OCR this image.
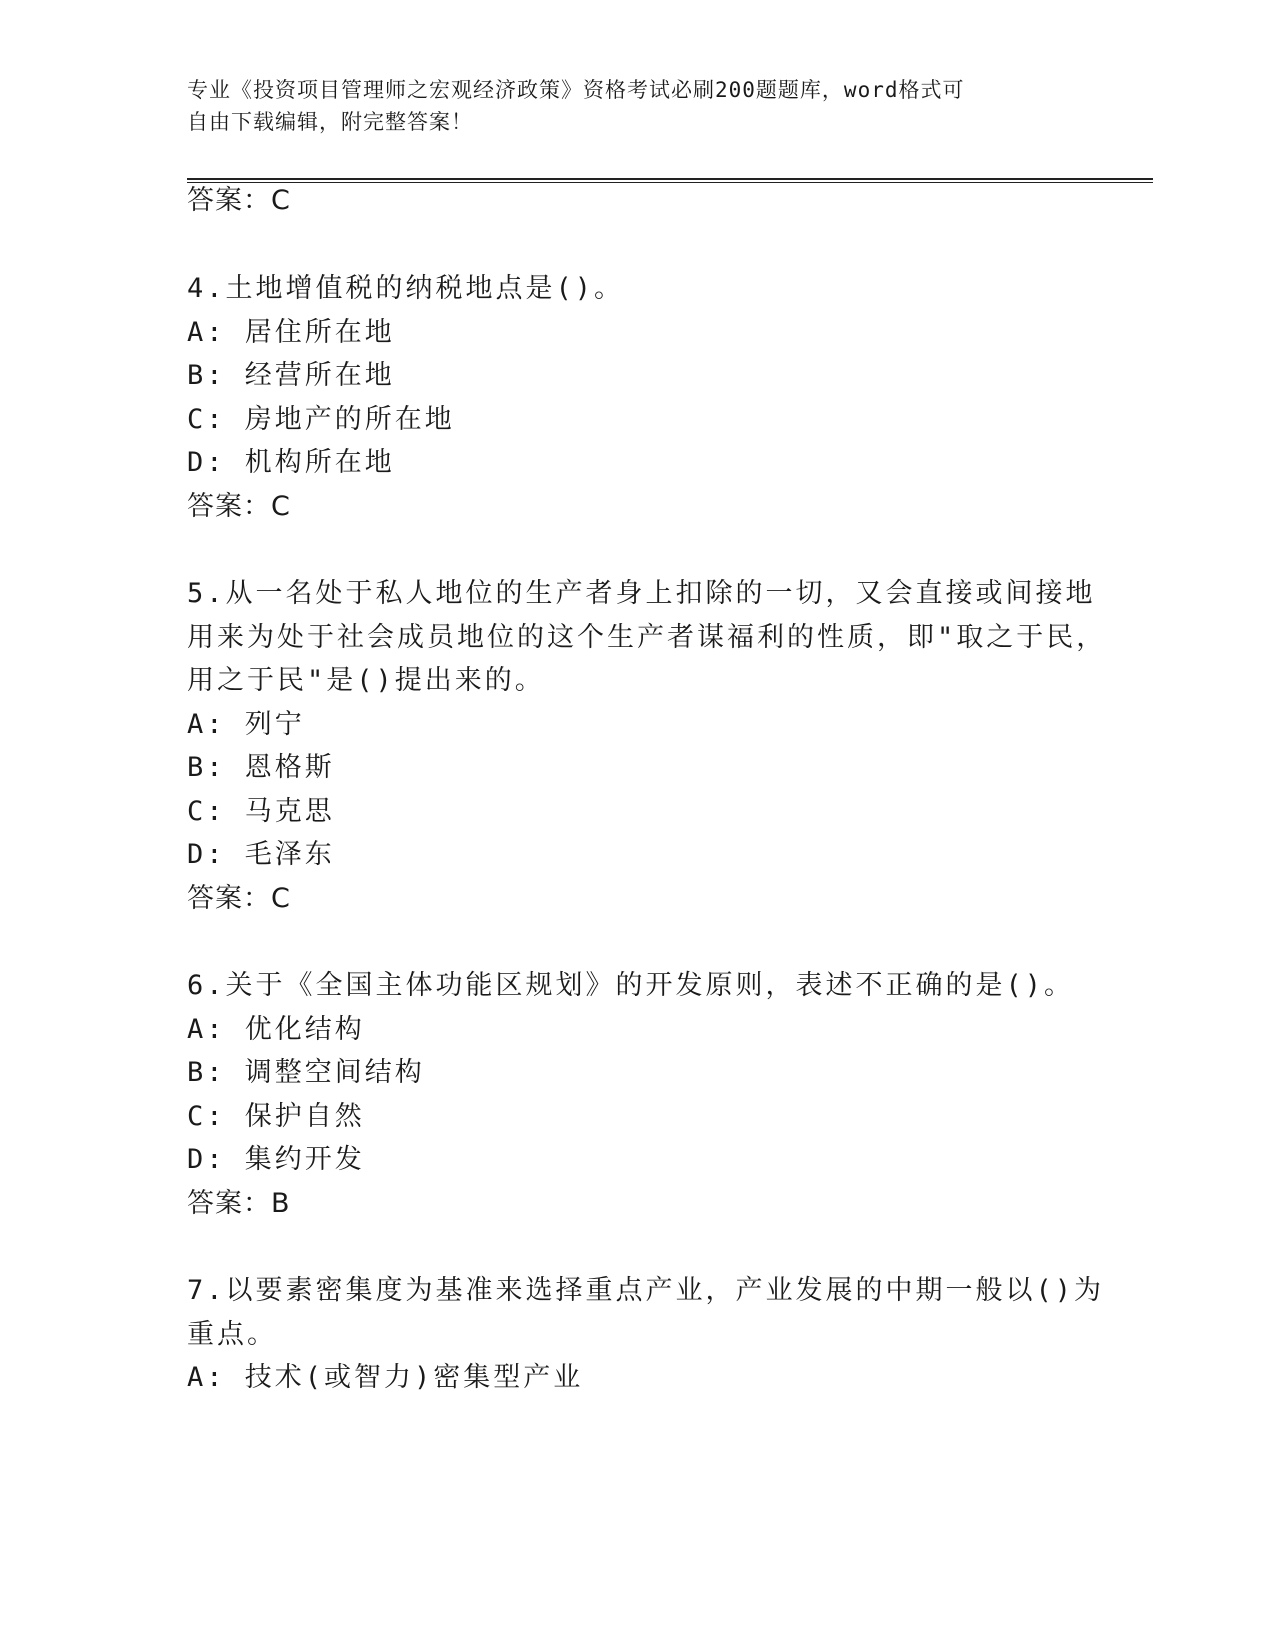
专业《投资项目管理师之宏观经济政策》资格考试必刷200题题库，word格式可
自由下载编辑，附完整答案！
答案：C
4.土地增值税的纳税地点是()。
A: 居住所在地
B: 经营所在地
C: 房地产的所在地
D: 机构所在地
答案：C
5.从一名处于私人地位的生产者身上扣除的一切，又会直接或间接地
用来为处于社会成员地位的这个生产者谋福利的性质，即"取之于民，
用之于民"是()提出来的。
A: 列宁
B: 恩格斯
C: 马克思
D: 毛泽东
答案：C
6.关于《全国主体功能区规划》的开发原则，表述不正确的是()。
A: 优化结构
B: 调整空间结构
C: 保护自然
D: 集约开发
答案：B
7.以要素密集度为基准来选择重点产业，产业发展的中期一般以()为
重点。
A: 技术(或智力)密集型产业
